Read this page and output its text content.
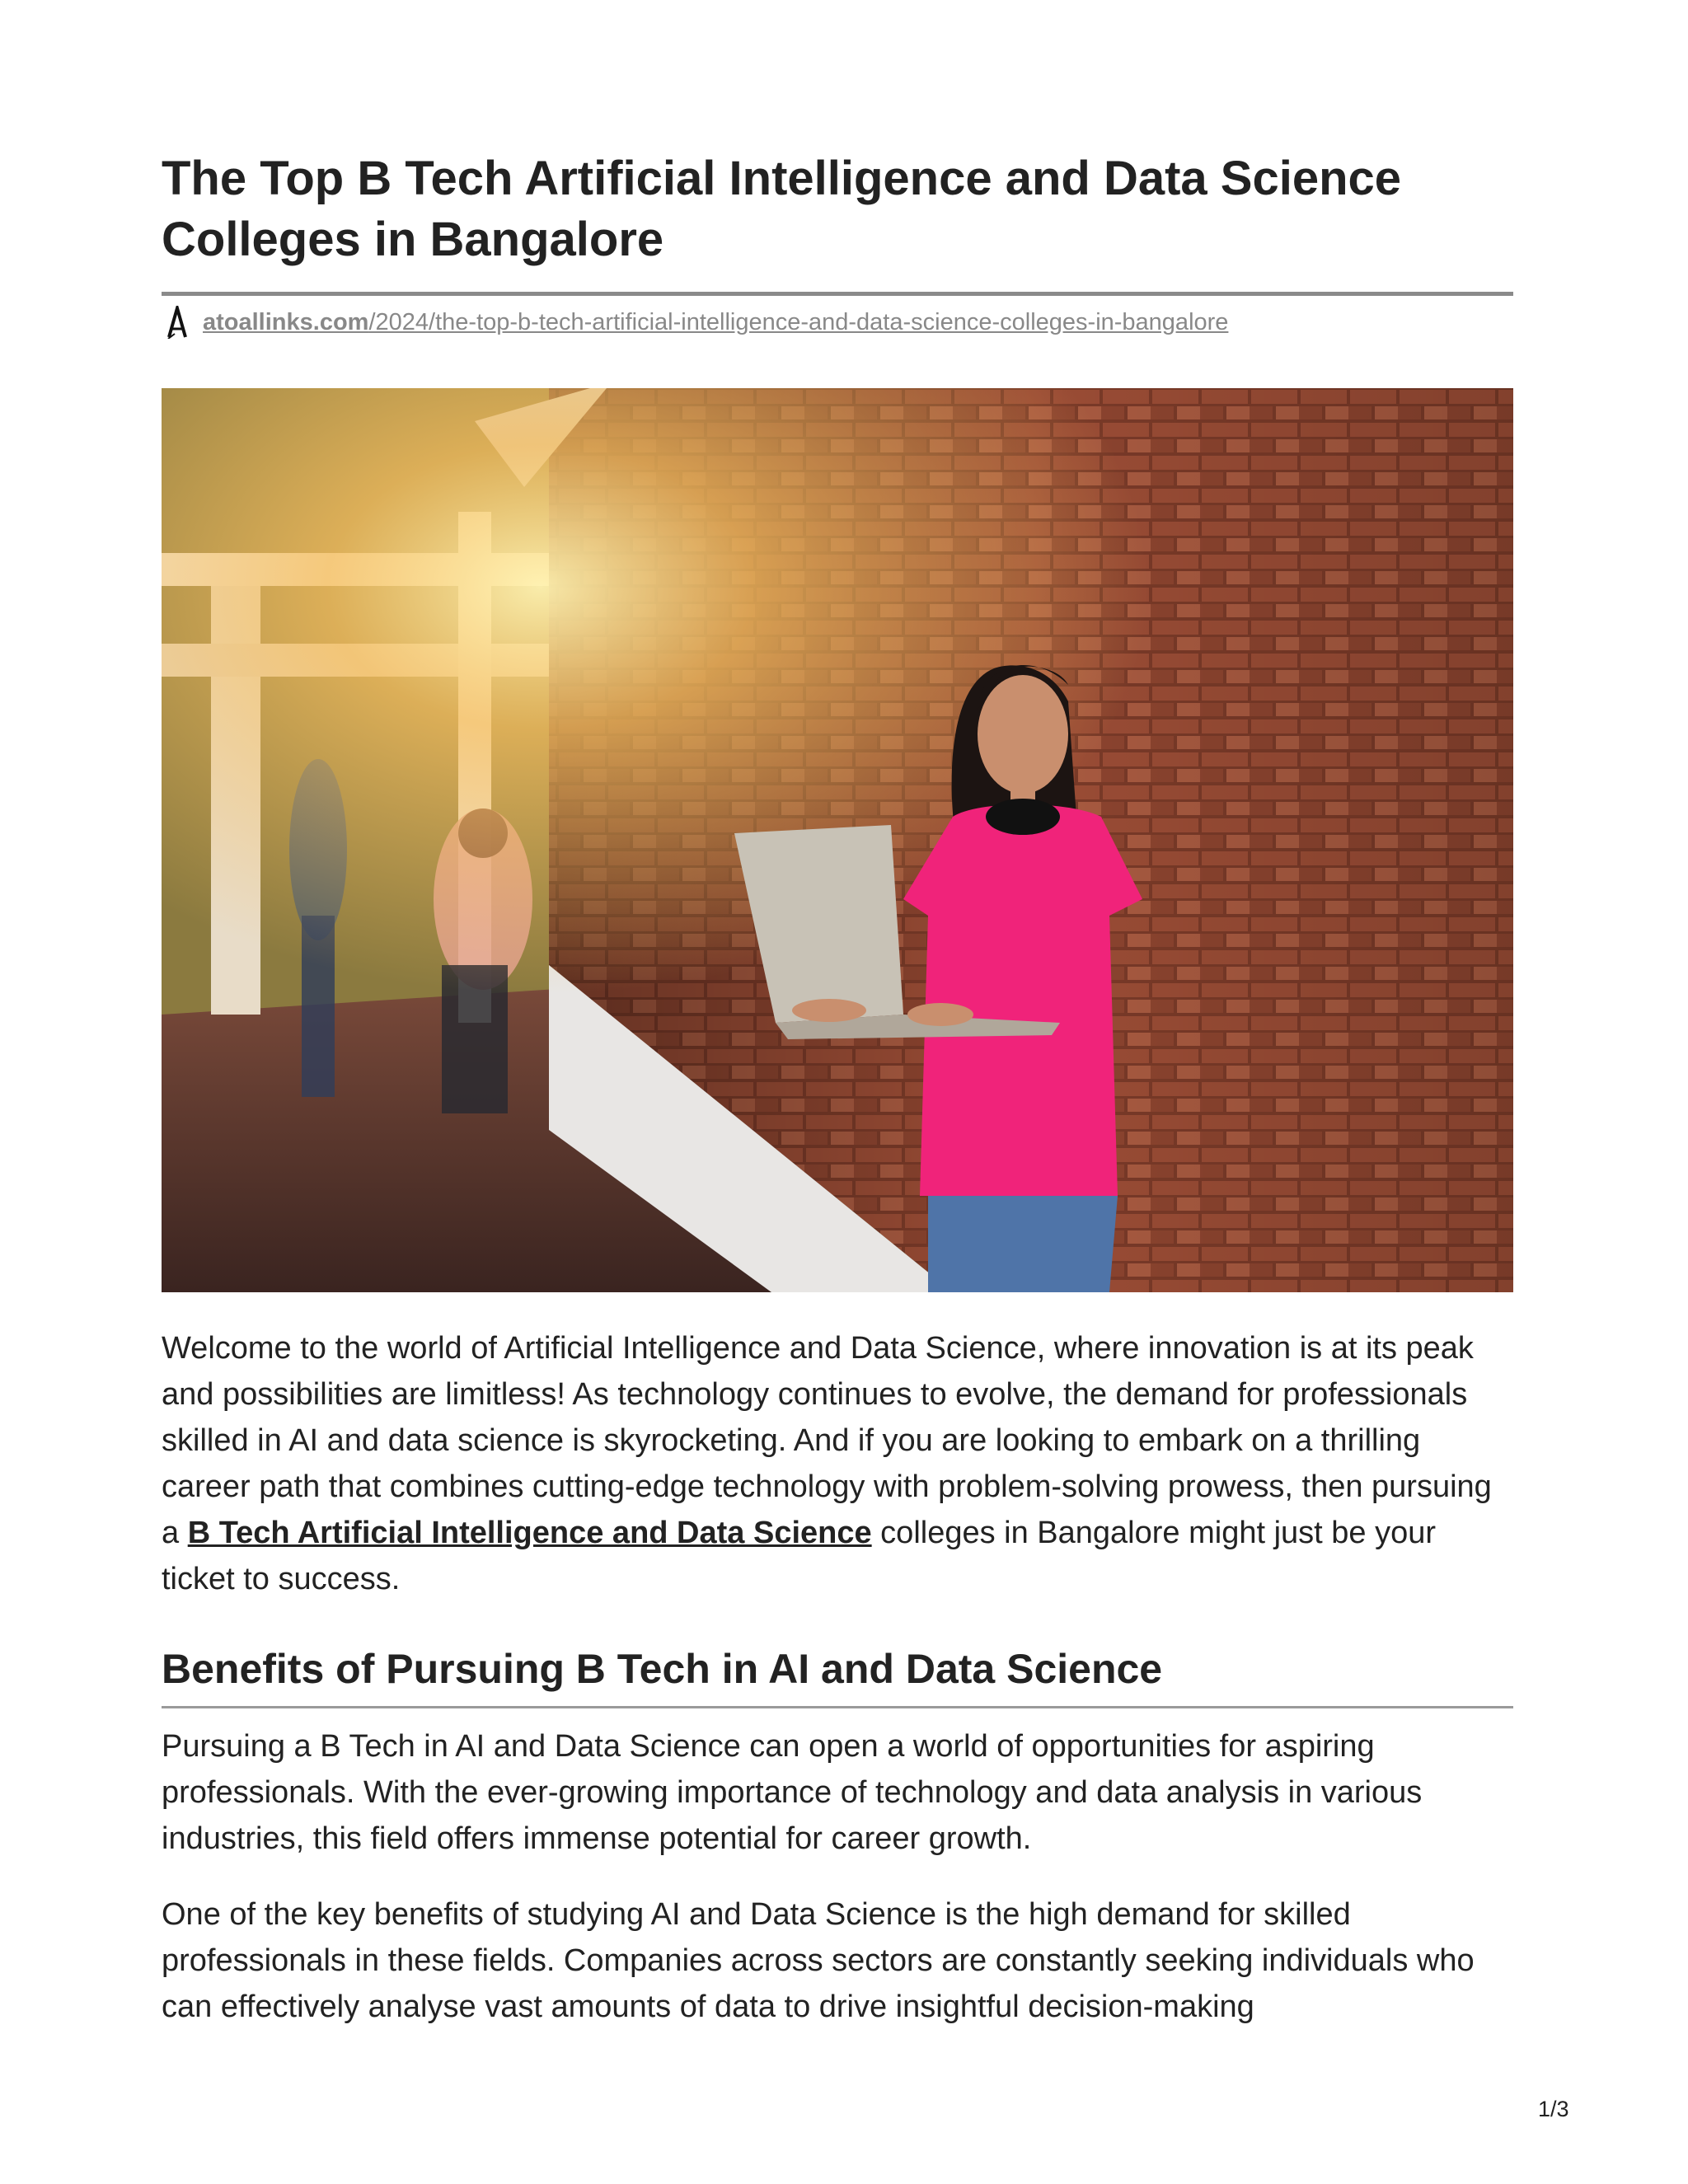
The Top B Tech Artificial Intelligence and Data Science Colleges in Bangalore
atoallinks.com/2024/the-top-b-tech-artificial-intelligence-and-data-science-colleges-in-bangalore

Welcome to the world of Artificial Intelligence and Data Science, where innovation is at its peak and possibilities are limitless! As technology continues to evolve, the demand for professionals skilled in AI and data science is skyrocketing. And if you are looking to embark on a thrilling career path that combines cutting-edge technology with problem-solving prowess, then pursuing a B Tech Artificial Intelligence and Data Science colleges in Bangalore might just be your ticket to success.

Benefits of Pursuing B Tech in AI and Data Science

Pursuing a B Tech in AI and Data Science can open a world of opportunities for aspiring professionals. With the ever-growing importance of technology and data analysis in various industries, this field offers immense potential for career growth.

One of the key benefits of studying AI and Data Science is the high demand for skilled professionals in these fields. Companies across sectors are constantly seeking individuals who can effectively analyse vast amounts of data to drive insightful decision-making

1/3
